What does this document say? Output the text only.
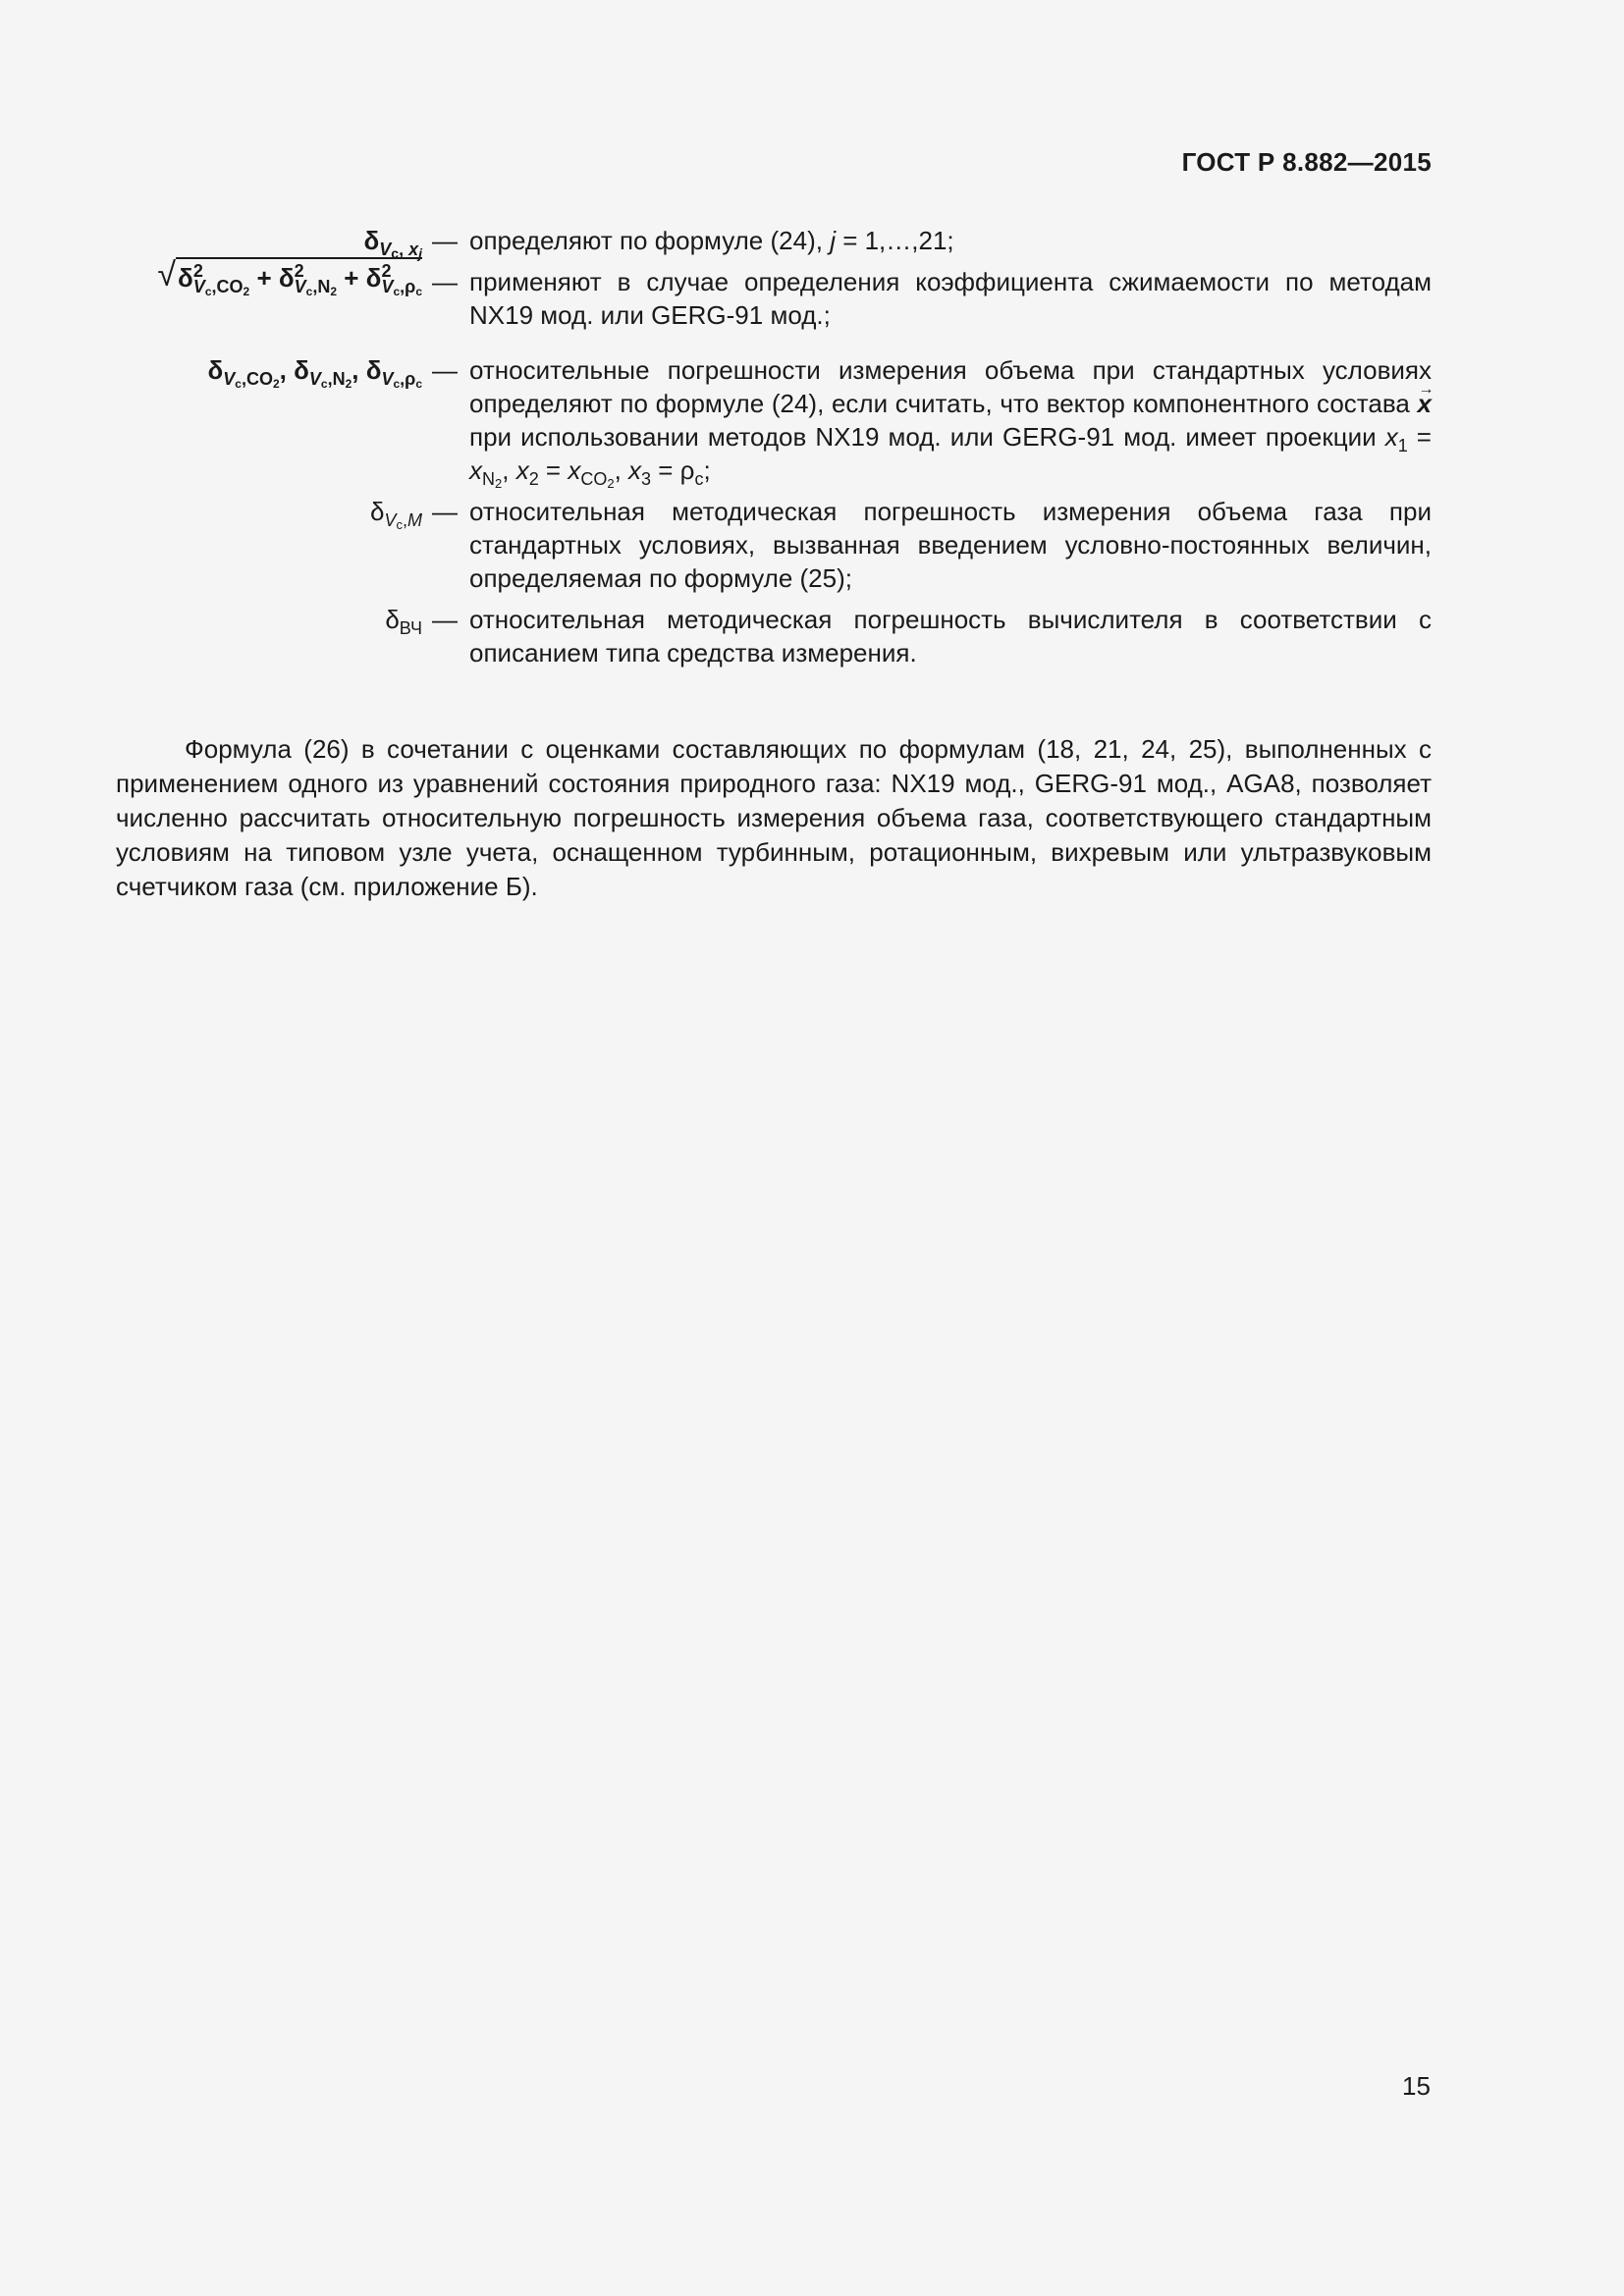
ГОСТ Р 8.882—2015
$\delta_{V_c, x_j}$ — определяют по формуле (24), j = 1,…,21;
√ $\delta^2_{V_c,CO_2} + \delta^2_{V_c,N_2} + \delta^2_{V_c,\rho_c}$ — применяют в случае определения коэффициента сжимаемости по методам NX19 мод. или GERG-91 мод.;
$\delta_{V_c,CO_2}$, $\delta_{V_c,N_2}$, $\delta_{V_c,\rho_c}$ — относительные погрешности измерения объема при стандартных условиях определяют по формуле (24), если считать, что вектор компонентного состава → x при использовании методов NX19 мод. или GERG-91 мод. имеет проекции $x_1 = x_{N_2}$, $x_2 = x_{CO_2}$, $x_3 = \rho_c$;
$\delta_{V_c,M}$ — относительная методическая погрешность измерения объема газа при стандартных условиях, вызванная введением условно-постоянных величин, определяемая по формуле (25);
$\delta_{ВЧ}$ — относительная методическая погрешность вычислителя в соответствии с описанием типа средства измерения.
Формула (26) в сочетании с оценками составляющих по формулам (18, 21, 24, 25), выполненных с применением одного из уравнений состояния природного газа: NX19 мод., GERG-91 мод., AGA8, позволяет численно рассчитать относительную погрешность измерения объема газа, соответствующего стандартным условиям на типовом узле учета, оснащенном турбинным, ротационным, вихревым или ультразвуковым счетчиком газа (см. приложение Б).
15
